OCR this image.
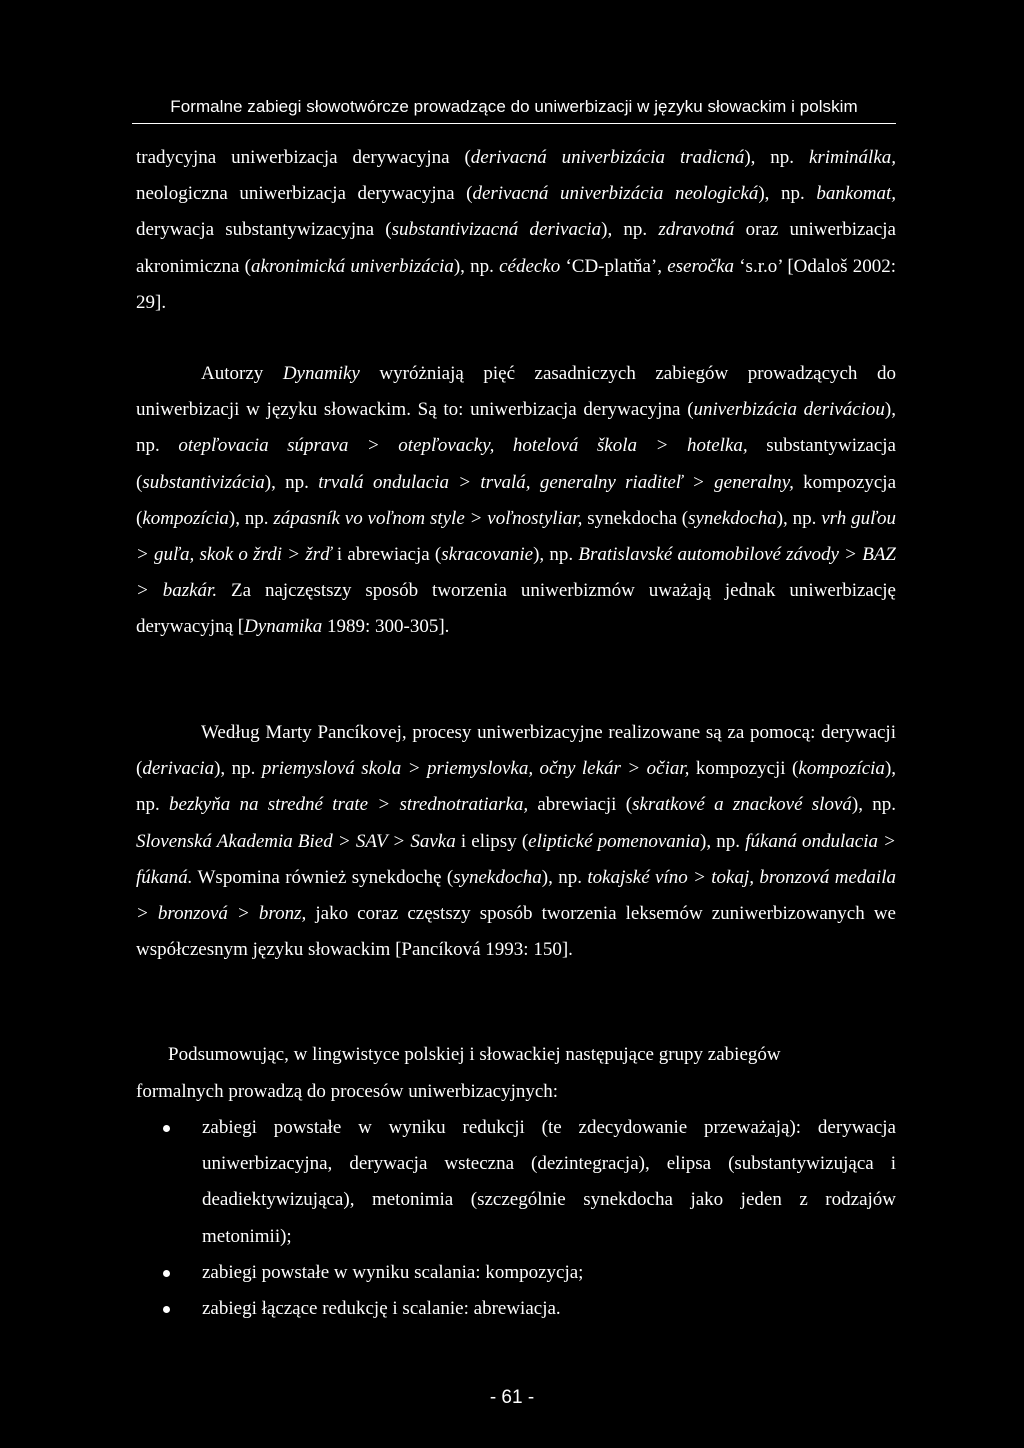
Formalne zabiegi słowotwórcze prowadzące do uniwerbizacji w języku słowackim i polskim

tradycyjna uniwerbizacja derywacyjna (derivacná univerbizácia tradicná), np. kriminálka, neologiczna uniwerbizacja derywacyjna (derivacná univerbizácia neologická), np. bankomat, derywacja substantywizacyjna (substantivizacná derivacia), np. zdravotná oraz uniwerbizacja akronimiczna (akronimická univerbizácia), np. cédecko ‘CD-platňa’, eseročka ‘s.r.o’ [Odaloš 2002: 29].

Autorzy Dynamiky wyróżniają pięć zasadniczych zabiegów prowadzących do uniwerbizacji w języku słowackim. Są to: uniwerbizacja derywacyjna (univerbizácia deriváciou), np. otepľovacia súprava > otepľovacky, hotelová škola > hotelka, substantywizacja (substantivizácia), np. trvalá ondulacia > trvalá, generalny riaditeľ > generalny, kompozycja (kompozícia), np. zápasník vo voľnom style > voľnostyliar, synekdocha (synekdocha), np. vrh guľou > guľa, skok o žrdi > žrď i abrewiacja (skracovanie), np. Bratislavské automobilové závody > BAZ > bazkár. Za najczęstszy sposób tworzenia uniwerbizmów uważają jednak uniwerbizację derywacyjną [Dynamika 1989: 300-305].

Według Marty Pancíkovej, procesy uniwerbizacyjne realizowane są za pomocą: derywacji (derivacia), np. priemyslová skola > priemyslovka, očny lekár > očiar, kompozycji (kompozícia), np. bezkyňa na stredné trate > strednotratiarka, abrewiacji (skratkové a znackové slová), np. Slovenská Akademia Bied > SAV > Savka i elipsy (eliptické pomenovania), np. fúkaná ondulacia > fúkaná. Wspomina również synekdochę (synekdocha), np. tokajské víno > tokaj, bronzová medaila > bronzová > bronz, jako coraz częstszy sposób tworzenia leksemów zuniwerbizowanych we współczesnym języku słowackim [Pancíková 1993: 150].

Podsumowując, w lingwistyce polskiej i słowackiej następujące grupy zabiegów

formalnych prowadzą do procesów uniwerbizacyjnych:

zabiegi powstałe w wyniku redukcji (te zdecydowanie przeważają): derywacja uniwerbizacyjna, derywacja wsteczna (dezintegracja), elipsa (substantywizująca i deadiektywizująca), metonimia (szczególnie synekdocha jako jeden z rodzajów metonimii);
zabiegi powstałe w wyniku scalania: kompozycja;
zabiegi łączące redukcję i scalanie: abrewiacja.
- 61 -
